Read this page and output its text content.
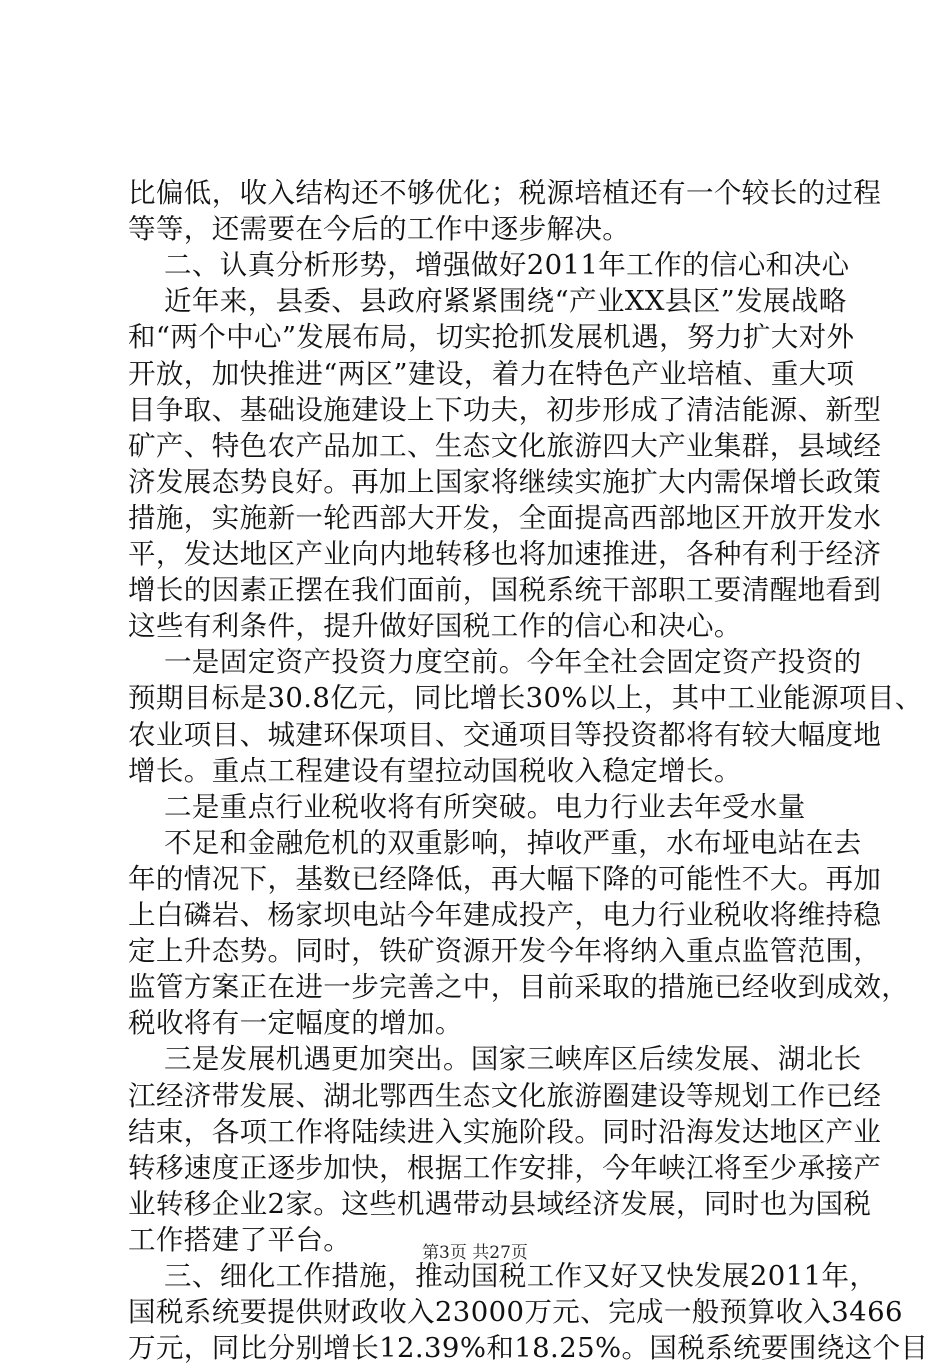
比偏低，收入结构还不够优化；税源培植还有一个较长的过程
等等，还需要在今后的工作中逐步解决。
二、认真分析形势，增强做好2011年工作的信心和决心
近年来，县委、县政府紧紧围绕“产业XX县区”发展战略
和“两个中心”发展布局，切实抢抓发展机遇，努力扩大对外
开放，加快推进“两区”建设，着力在特色产业培植、重大项
目争取、基础设施建设上下功夫，初步形成了清洁能源、新型
矿产、特色农产品加工、生态文化旅游四大产业集群，县域经
济发展态势良好。再加上国家将继续实施扩大内需保增长政策
措施，实施新一轮西部大开发，全面提高西部地区开放开发水
平，发达地区产业向内地转移也将加速推进，各种有利于经济
增长的因素正摆在我们面前，国税系统干部职工要清醒地看到
这些有利条件，提升做好国税工作的信心和决心。
一是固定资产投资力度空前。今年全社会固定资产投资的
预期目标是30.8亿元，同比增长30%以上，其中工业能源项目、
农业项目、城建环保项目、交通项目等投资都将有较大幅度地
增长。重点工程建设有望拉动国税收入稳定增长。
二是重点行业税收将有所突破。电力行业去年受水量
不足和金融危机的双重影响，掉收严重，水布垭电站在去
年的情况下，基数已经降低，再大幅下降的可能性不大。再加
上白磷岩、杨家坝电站今年建成投产，电力行业税收将维持稳
定上升态势。同时，铁矿资源开发今年将纳入重点监管范围，
监管方案正在进一步完善之中，目前采取的措施已经收到成效，
税收将有一定幅度的增加。
三是发展机遇更加突出。国家三峡库区后续发展、湖北长
江经济带发展、湖北鄂西生态文化旅游圈建设等规划工作已经
结束，各项工作将陆续进入实施阶段。同时沿海发达地区产业
转移速度正逐步加快，根据工作安排，今年峡江将至少承接产
业转移企业2家。这些机遇带动县域经济发展，同时也为国税
工作搭建了平台。
三、细化工作措施，推动国税工作又好又快发展2011年，
国税系统要提供财政收入23000万元、完成一般预算收入3466
万元，同比分别增长12.39%和18.25%。国税系统要围绕这个目
第3页 共27页
